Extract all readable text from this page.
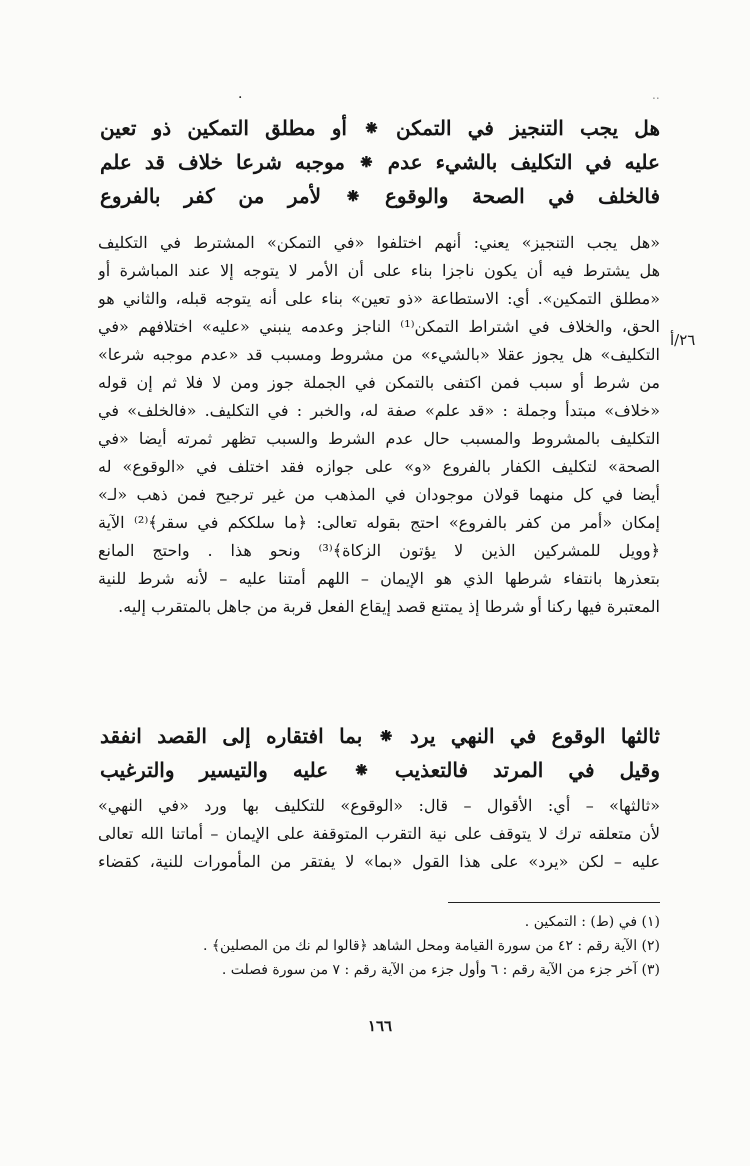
..
·
هل يجب التنجيز في التمكن ⁕ أو مطلق التمكين ذو تعين
عليه في التكليف بالشيء عدم ⁕ موجبه شرعا خلاف قد علم
فالخلف في الصحة والوقوع ⁕ لأمر من كفر بالفروع
٢٦/أ

«هل يجب التنجيز» يعني: أنهم اختلفوا «في التمكن» المشترط في التكليف

هل يشترط فيه أن يكون ناجزا بناء على أن الأمر لا يتوجه إلا عند المباشرة أو

«مطلق التمكين». أي: الاستطاعة «ذو تعين» بناء على أنه يتوجه قبله، والثاني هو

الحق، والخلاف في اشتراط التمكن⁽¹⁾ الناجز وعدمه ينبني «عليه» اختلافهم «في

التكليف» هل يجوز عقلا «بالشيء» من مشروط ومسبب قد «عدم موجبه شرعا»

من شرط أو سبب فمن اكتفى بالتمكن في الجملة جوز ومن لا فلا ثم إن قوله

«خلاف» مبتدأ وجملة : «قد علم» صفة له، والخبر : في التكليف. «فالخلف» في

التكليف بالمشروط والمسبب حال عدم الشرط والسبب تظهر ثمرته أيضا «في

الصحة» لتكليف الكفار بالفروع «و» على جوازه فقد اختلف في «الوقوع» له

أيضا في كل منهما قولان موجودان في المذهب من غير ترجيح فمن ذهب «لـ»

إمكان «أمر من كفر بالفروع» احتج بقوله تعالى: ﴿ما سلككم في سقر﴾⁽²⁾ الآية

﴿وويل للمشركين الذين لا يؤتون الزكاة﴾⁽³⁾ ونحو هذا . واحتج المانع

بتعذرها بانتفاء شرطها الذي هو الإيمان – اللهم أمتنا عليه – لأنه شرط للنية

المعتبرة فيها ركنا أو شرطا إذ يمتنع قصد إيقاع الفعل قربة من جاهل بالمتقرب إليه.

ثالثها الوقوع في النهي يرد ⁕ بما افتقاره إلى القصد انفقد
وقيل في المرتد فالتعذيب ⁕ عليه والتيسير والترغيب

«ثالثها» – أي: الأقوال – قال: «الوقوع» للتكليف بها ورد «في النهي»

لأن متعلقه ترك لا يتوقف على نية التقرب المتوقفة على الإيمان – أماتنا الله تعالى

عليه – لكن «يرد» على هذا القول «بما» لا يفتقر من المأمورات للنية، كقضاء

(١) في (ط) : التمكين .
(٢) الآية رقم : ٤٢ من سورة القيامة ومحل الشاهد ﴿قالوا لم نك من المصلين﴾ .
(٣) آخر جزء من الآية رقم : ٦ وأول جزء من الآية رقم : ٧ من سورة فصلت .
١٦٦
